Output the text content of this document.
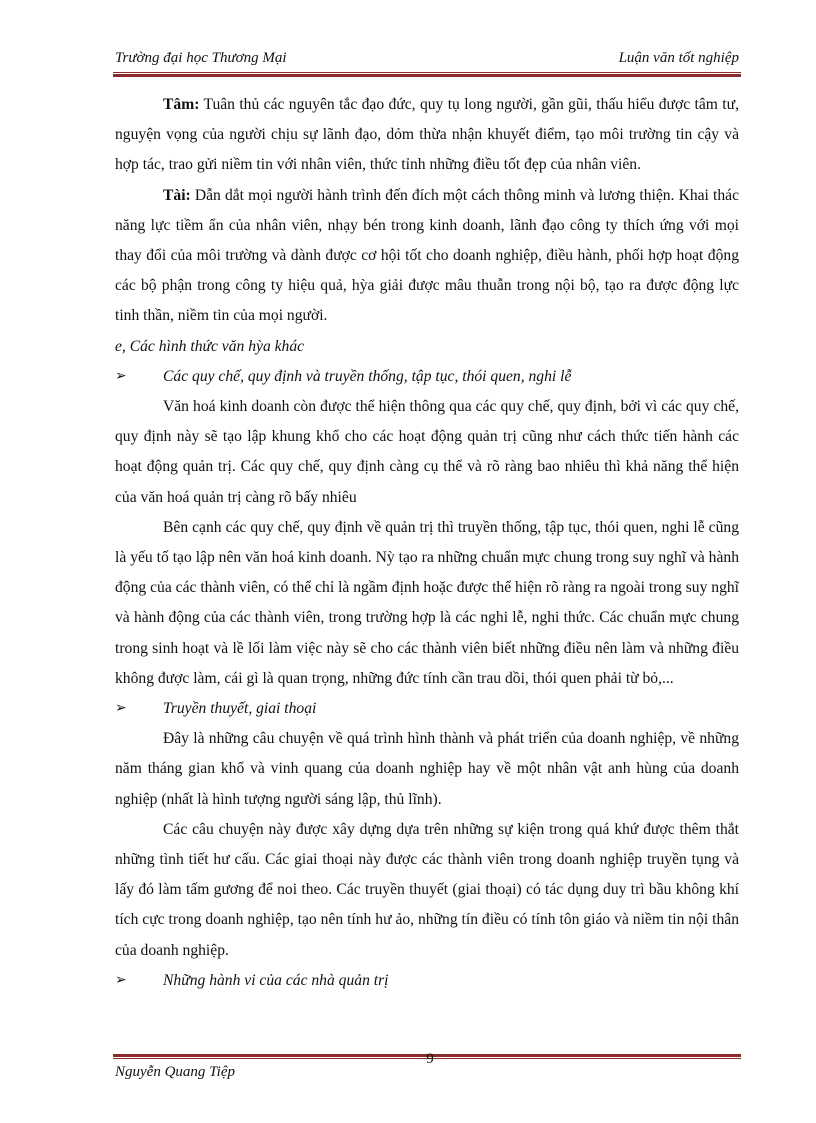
Trường đại học Thương Mại	Luận văn tốt nghiệp

Tâm: Tuân thủ các nguyên tắc đạo đức, quy tụ long người, gần gũi, thấu hiểu được tâm tư, nguyện vọng của người chịu sự lãnh đạo, dỏm thừa nhận khuyết điểm, tạo môi trường tin cậy và hợp tác, trao gửi niềm tin với nhân viên, thức tỉnh những điều tốt đẹp của nhân viên.

Tài: Dẫn dắt mọi người hành trình đến đích một cách thông minh và lương thiện. Khai thác năng lực tiềm ẩn của nhân viên, nhạy bén trong kinh doanh, lãnh đạo công ty thích ứng với mọi thay đổi của môi trường và dành được cơ hội tốt cho doanh nghiệp, điều hành, phối hợp hoạt động các bộ phận trong công ty hiệu quả, hỳa giải được mâu thuẫn trong nội bộ, tạo ra được động lực tinh thần, niềm tin của mọi người.

e, Các hình thức văn hỳa khác

➢	Các quy chế, quy định và truyền thống, tập tục, thói quen, nghi lễ

Văn hoá kinh doanh còn được thể hiện thông qua các quy chế, quy định, bởi vì các quy chế, quy định này sẽ tạo lập khung khổ cho các hoạt động quản trị cũng như cách thức tiến hành các hoạt động quản trị. Các quy chế, quy định càng cụ thể và rõ ràng bao nhiêu thì khả năng thể hiện của văn hoá quản trị càng rõ bấy nhiêu

Bên cạnh các quy chế, quy định về quản trị thì truyền thống, tập tục, thói quen, nghi lễ cũng là yếu tố tạo lập nên văn hoá kinh doanh. Nỳ tạo ra những chuẩn mực chung trong suy nghĩ và hành động của các thành viên, có thể chỉ là ngầm định hoặc được thể hiện rõ ràng ra ngoài trong suy nghĩ và hành động của các thành viên, trong trường hợp là các nghi lễ, nghi thức. Các chuẩn mực chung trong sinh hoạt và lề lối làm việc này sẽ cho các thành viên biết những điều nên làm và những điều không được làm, cái gì là quan trọng, những đức tính cần trau dồi, thói quen phải từ bỏ,...

➢	Truyền thuyết, giai thoại

Đây là những câu chuyện về quá trình hình thành và phát triển của doanh nghiệp, về những năm tháng gian khổ và vinh quang của doanh nghiệp hay về một nhân vật anh hùng của doanh nghiệp (nhất là hình tượng người sáng lập, thủ lĩnh).

Các câu chuyện này được xây dựng dựa trên những sự kiện trong quá khứ được thêm thắt những tình tiết hư cấu. Các giai thoại này được các thành viên trong doanh nghiệp truyền tụng và lấy đó làm tấm gương để noi theo. Các truyền thuyết (giai thoại) có tác dụng duy trì bầu không khí tích cực trong doanh nghiệp, tạo nên tính hư ảo, những tín điều có tính tôn giáo và niềm tin nội thân của doanh nghiệp.

➢	Những hành vi của các nhà quản trị
9
Nguyễn Quang Tiệp
